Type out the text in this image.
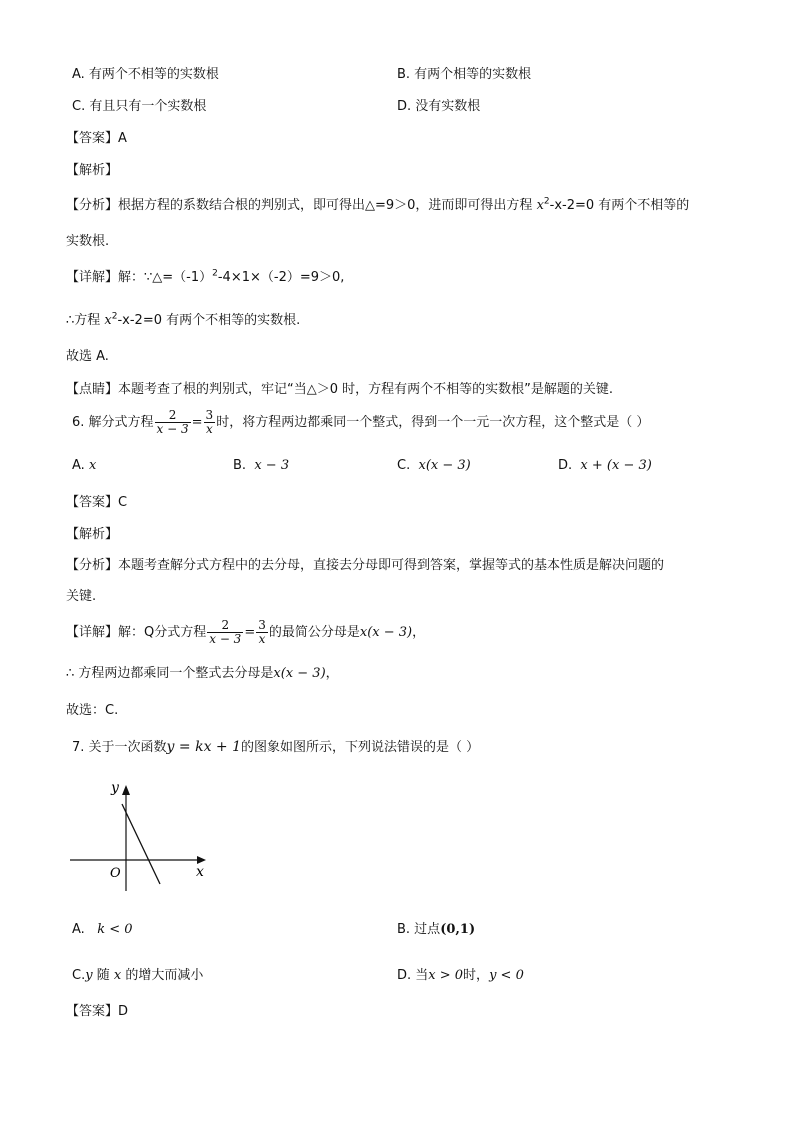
A. 有两个不相等的实数根	B. 有两个相等的实数根
C. 有且只有一个实数根	D. 没有实数根
【答案】A
【解析】
【分析】根据方程的系数结合根的判别式，即可得出△=9＞0，进而即可得出方程 $x^2-x-2=0$ 有两个不相等的
实数根.
【详解】解：$\because\triangle=(-1)^2-4\times 1\times(-2)=9>0$,
∴方程 $x^2-x-2=0$ 有两个不相等的实数根.
故选 A.
【点睛】本题考查了根的判别式，牢记“当△＞0 时，方程有两个不相等的实数根”是解题的关键.
6. 解分式方程 $\frac{2}{x - 3} = \frac{3}{x}$ 时，将方程两边都乘同一个整式，得到一个一元一次方程，这个整式是（ ）
A. x	B. x − 3	C. x(x − 3)	D. x + (x − 3)
【答案】C
【解析】
【分析】本题考查解分式方程中的去分母，直接去分母即可得到答案，掌握等式的基本性质是解决问题的
关键.
【详解】解：Q分式方程 $\frac{2}{x - 3} = \frac{3}{x}$ 的最简公分母是x(x − 3)，
∴ 方程两边都乘同一个整式去分母是x(x − 3)，
故选：C.
7. 关于一次函数y = kx + 1的图象如图所示，下列说法错误的是（ ）
y
x
O
A. k < 0	B. 过点(0,1)
C.y 随 x 的增大而减小	D. 当x > 0时，y < 0
【答案】D
